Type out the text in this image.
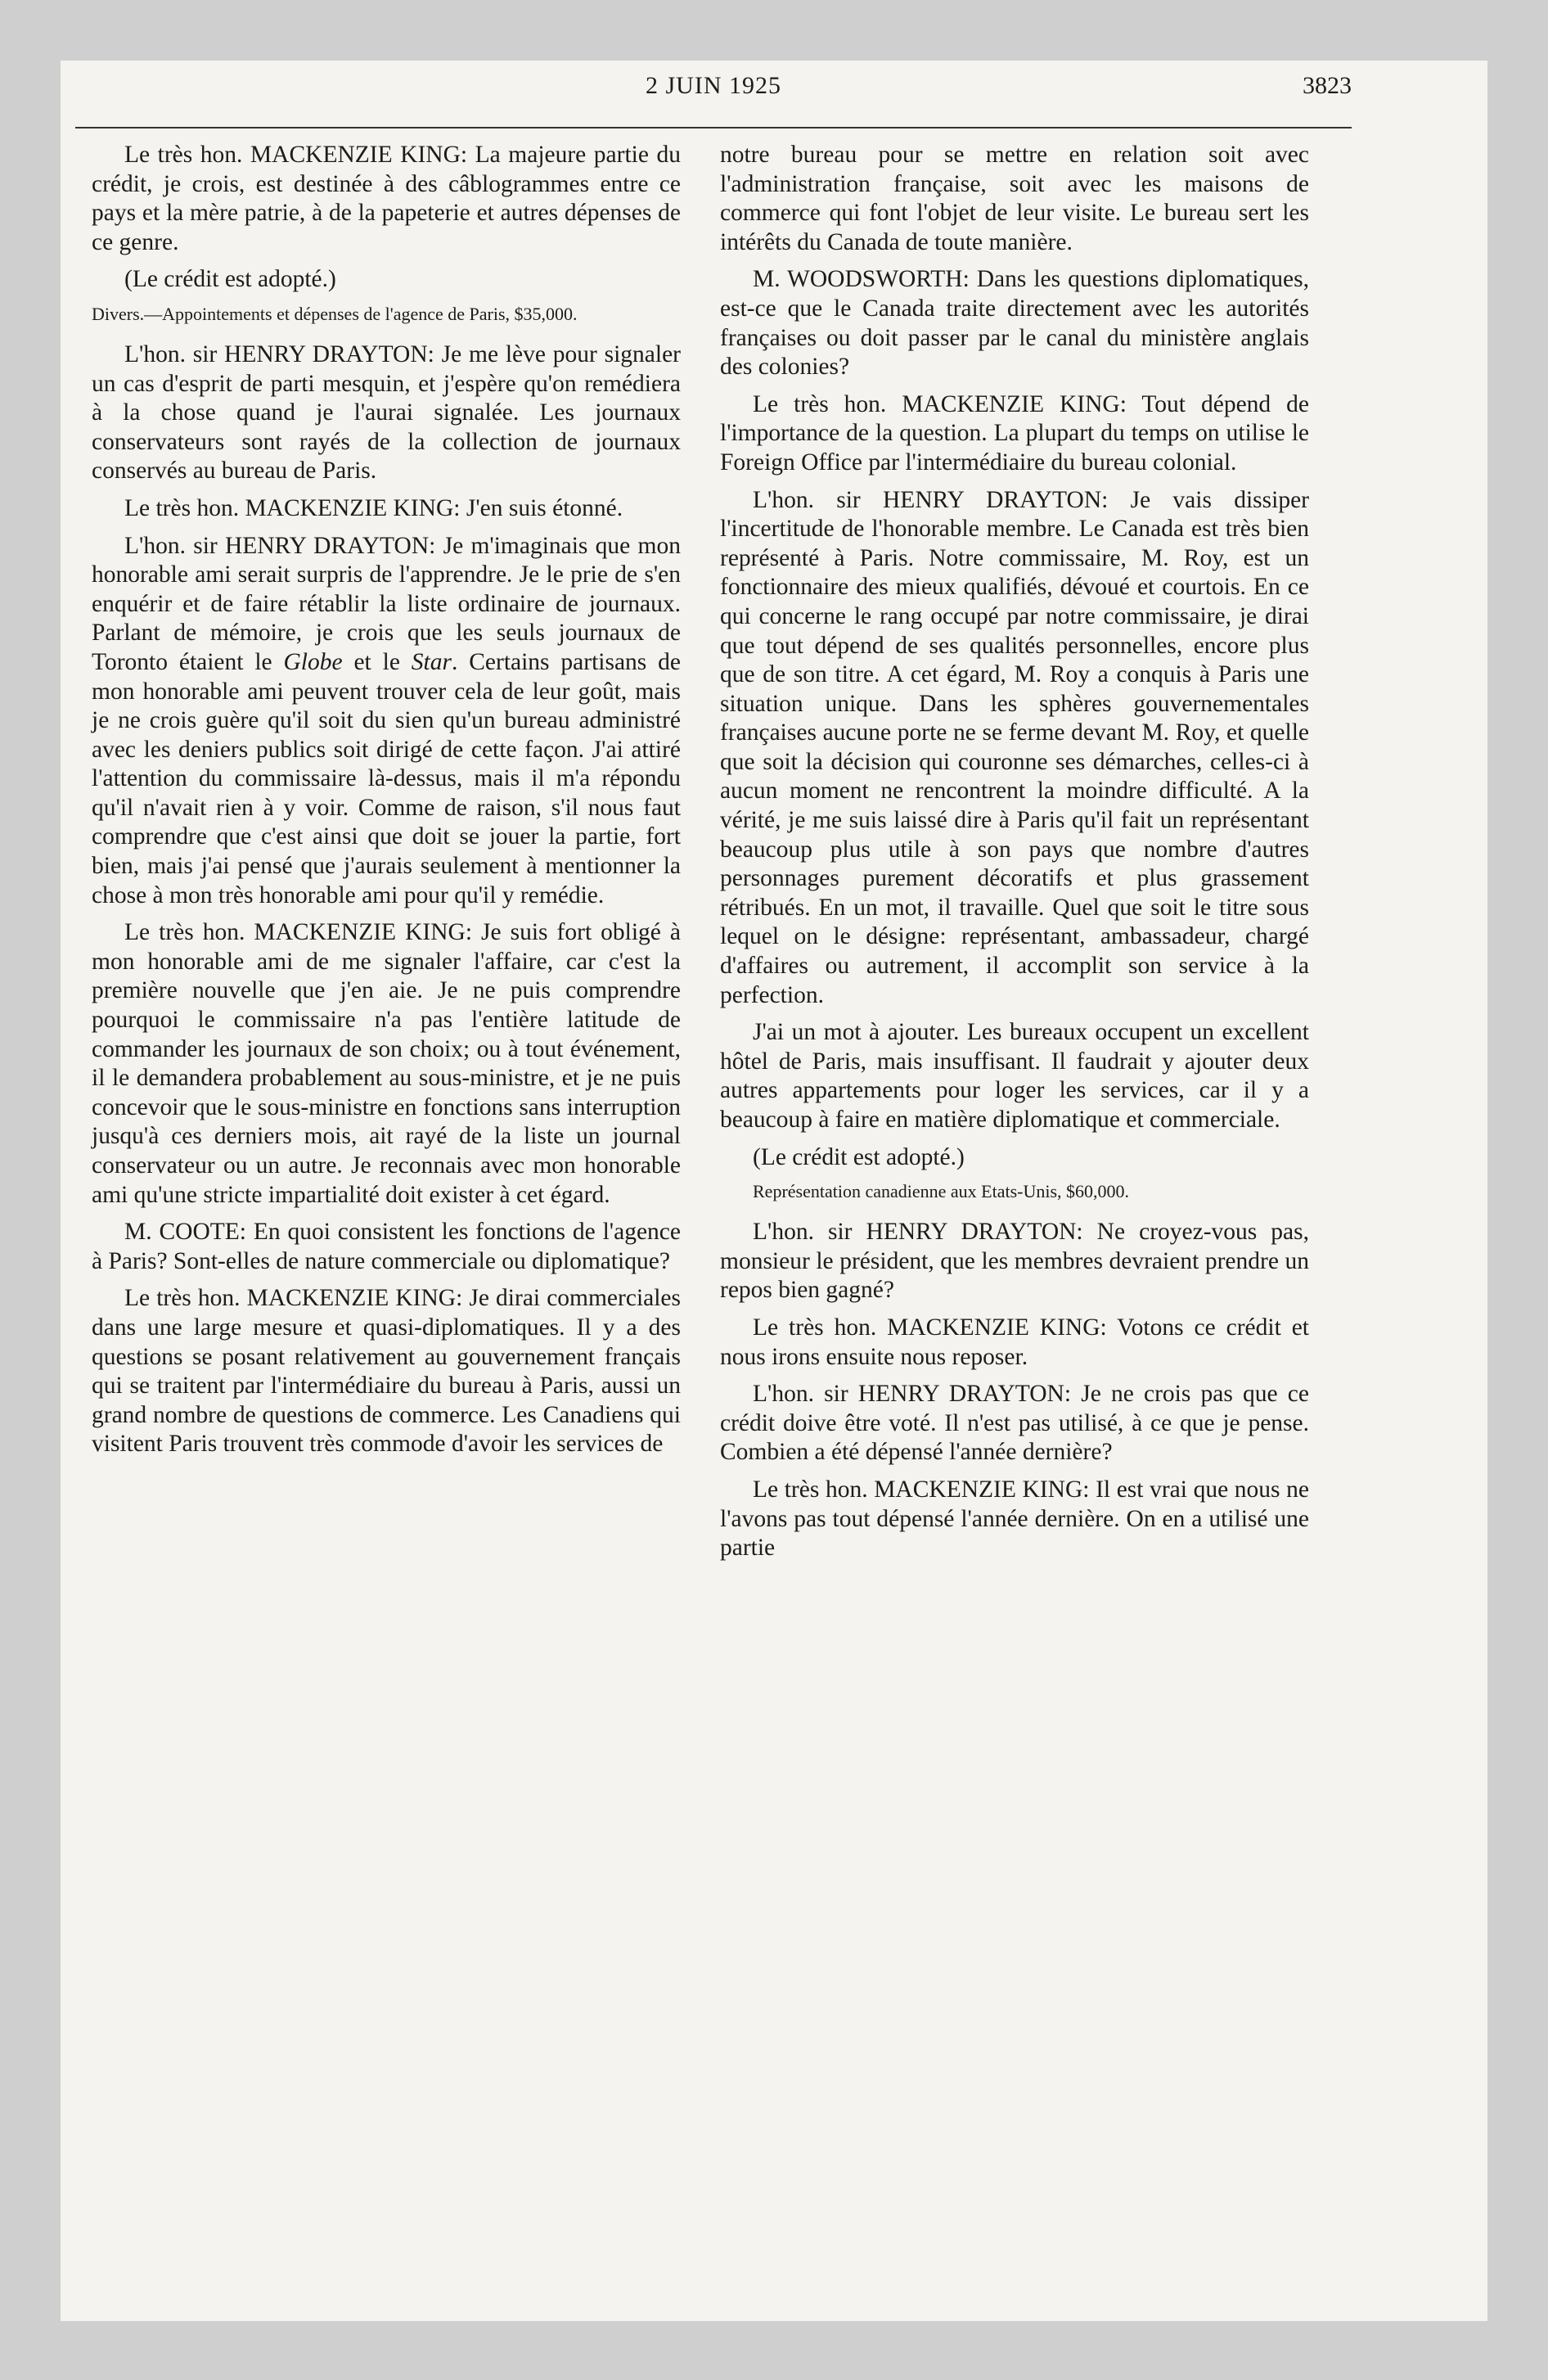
2 JUIN 1925	3823

Le très hon. MACKENZIE KING: La majeure partie du crédit, je crois, est destinée à des câblogrammes entre ce pays et la mère patrie, à de la papeterie et autres dépenses de ce genre.

(Le crédit est adopté.)

Divers.—Appointements et dépenses de l'agence de Paris, $35,000.

L'hon. sir HENRY DRAYTON: Je me lève pour signaler un cas d'esprit de parti mesquin, et j'espère qu'on remédiera à la chose quand je l'aurai signalée. Les journaux conservateurs sont rayés de la collection de journaux conservés au bureau de Paris.

Le très hon. MACKENZIE KING: J'en suis étonné.

L'hon. sir HENRY DRAYTON: Je m'imaginais que mon honorable ami serait surpris de l'apprendre. Je le prie de s'en enquérir et de faire rétablir la liste ordinaire de journaux. Parlant de mémoire, je crois que les seuls journaux de Toronto étaient le Globe et le Star. Certains partisans de mon honorable ami peuvent trouver cela de leur goût, mais je ne crois guère qu'il soit du sien qu'un bureau administré avec les deniers publics soit dirigé de cette façon. J'ai attiré l'attention du commissaire là-dessus, mais il m'a répondu qu'il n'avait rien à y voir. Comme de raison, s'il nous faut comprendre que c'est ainsi que doit se jouer la partie, fort bien, mais j'ai pensé que j'aurais seulement à mentionner la chose à mon très honorable ami pour qu'il y remédie.

Le très hon. MACKENZIE KING: Je suis fort obligé à mon honorable ami de me signaler l'affaire, car c'est la première nouvelle que j'en aie. Je ne puis comprendre pourquoi le commissaire n'a pas l'entière latitude de commander les journaux de son choix; ou à tout événement, il le demandera probablement au sous-ministre, et je ne puis concevoir que le sous-ministre en fonctions sans interruption jusqu'à ces derniers mois, ait rayé de la liste un journal conservateur ou un autre. Je reconnais avec mon honorable ami qu'une stricte impartialité doit exister à cet égard.

M. COOTE: En quoi consistent les fonctions de l'agence à Paris? Sont-elles de nature commerciale ou diplomatique?

Le très hon. MACKENZIE KING: Je dirai commerciales dans une large mesure et quasi-diplomatiques. Il y a des questions se posant relativement au gouvernement français qui se traitent par l'intermédiaire du bureau à Paris, aussi un grand nombre de questions de commerce. Les Canadiens qui visitent Paris trouvent très commode d'avoir les services de

notre bureau pour se mettre en relation soit avec l'administration française, soit avec les maisons de commerce qui font l'objet de leur visite. Le bureau sert les intérêts du Canada de toute manière.

M. WOODSWORTH: Dans les questions diplomatiques, est-ce que le Canada traite directement avec les autorités françaises ou doit passer par le canal du ministère anglais des colonies?

Le très hon. MACKENZIE KING: Tout dépend de l'importance de la question. La plupart du temps on utilise le Foreign Office par l'intermédiaire du bureau colonial.

L'hon. sir HENRY DRAYTON: Je vais dissiper l'incertitude de l'honorable membre. Le Canada est très bien représenté à Paris. Notre commissaire, M. Roy, est un fonctionnaire des mieux qualifiés, dévoué et courtois. En ce qui concerne le rang occupé par notre commissaire, je dirai que tout dépend de ses qualités personnelles, encore plus que de son titre. A cet égard, M. Roy a conquis à Paris une situation unique. Dans les sphères gouvernementales françaises aucune porte ne se ferme devant M. Roy, et quelle que soit la décision qui couronne ses démarches, celles-ci à aucun moment ne rencontrent la moindre difficulté. A la vérité, je me suis laissé dire à Paris qu'il fait un représentant beaucoup plus utile à son pays que nombre d'autres personnages purement décoratifs et plus grassement rétribués. En un mot, il travaille. Quel que soit le titre sous lequel on le désigne: représentant, ambassadeur, chargé d'affaires ou autrement, il accomplit son service à la perfection.

J'ai un mot à ajouter. Les bureaux occupent un excellent hôtel de Paris, mais insuffisant. Il faudrait y ajouter deux autres appartements pour loger les services, car il y a beaucoup à faire en matière diplomatique et commerciale.

(Le crédit est adopté.)

Représentation canadienne aux Etats-Unis, $60,000.

L'hon. sir HENRY DRAYTON: Ne croyez-vous pas, monsieur le président, que les membres devraient prendre un repos bien gagné?

Le très hon. MACKENZIE KING: Votons ce crédit et nous irons ensuite nous reposer.

L'hon. sir HENRY DRAYTON: Je ne crois pas que ce crédit doive être voté. Il n'est pas utilisé, à ce que je pense. Combien a été dépensé l'année dernière?

Le très hon. MACKENZIE KING: Il est vrai que nous ne l'avons pas tout dépensé l'année dernière. On en a utilisé une partie
